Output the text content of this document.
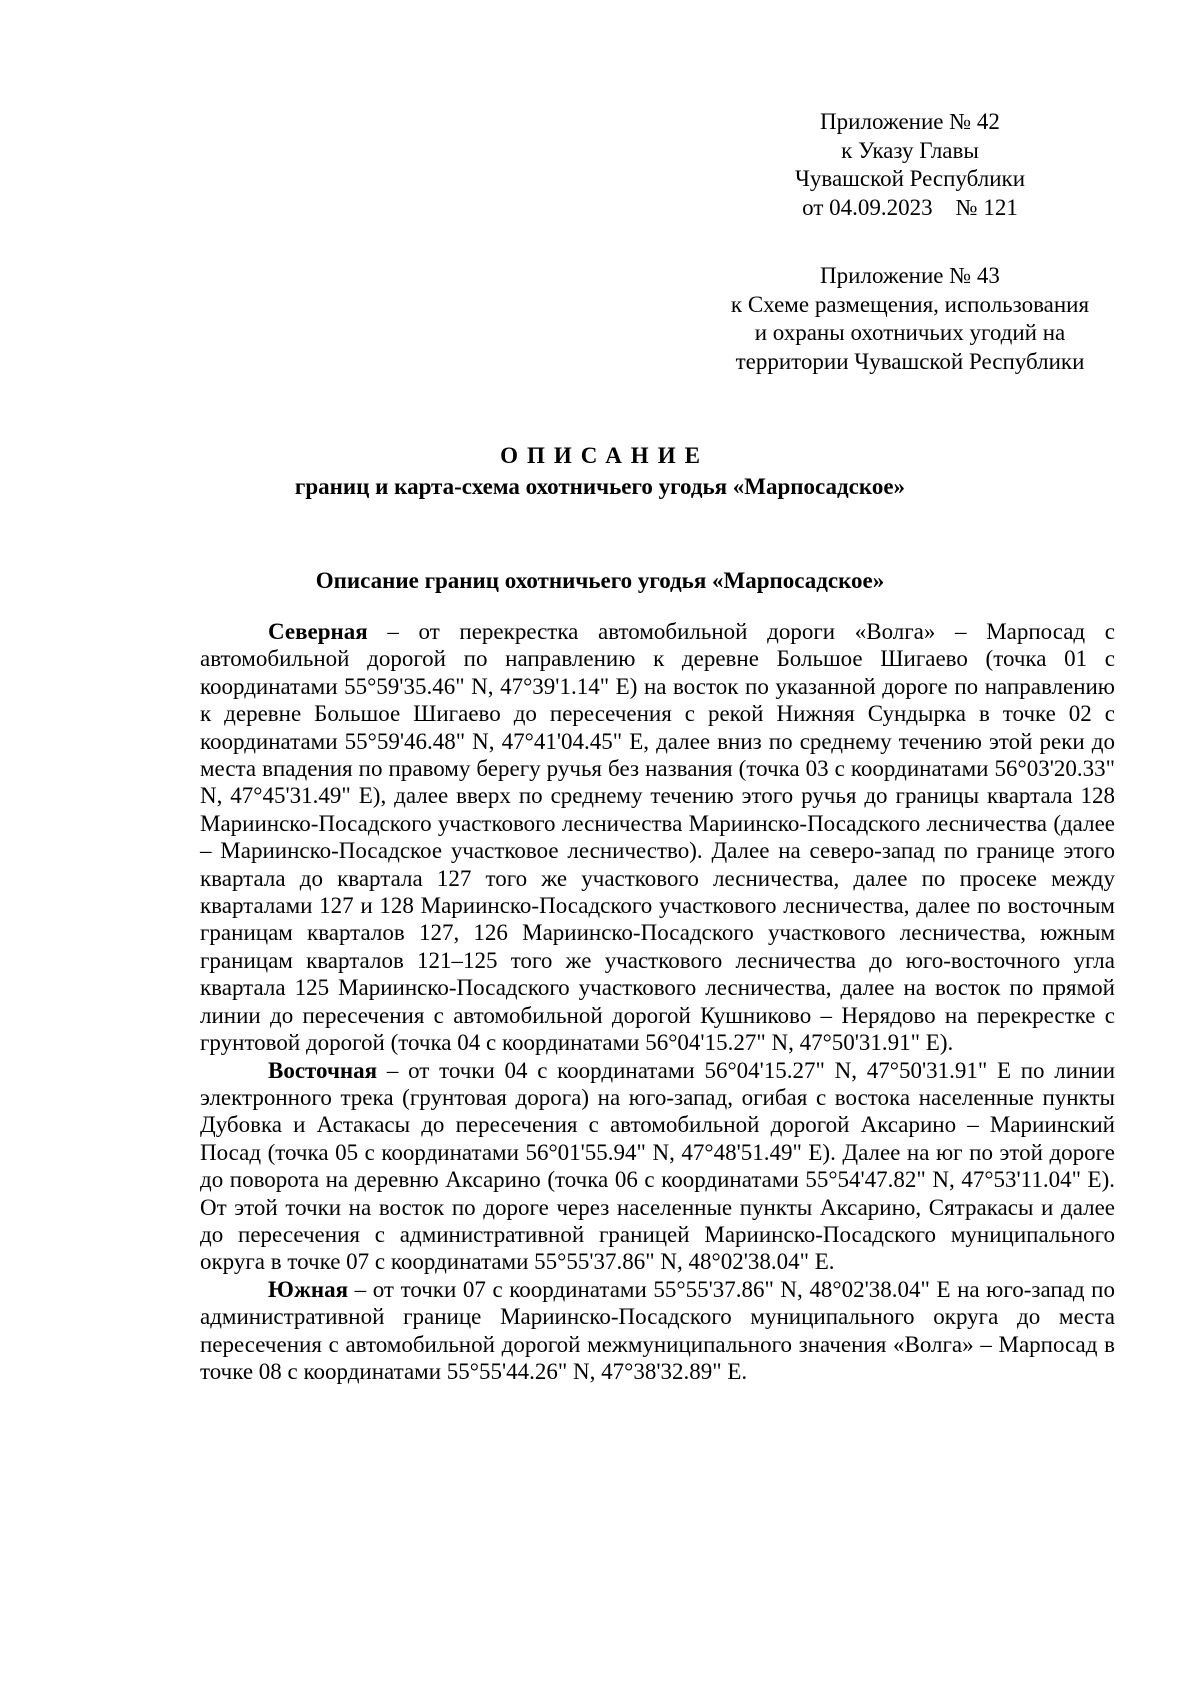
Приложение № 42
к Указу Главы
Чувашской Республики
от 04.09.2023    № 121
Приложение № 43
к Схеме размещения, использования
и охраны охотничьих угодий на
территории Чувашской Республики
ОПИСАНИЕ
границ и карта-схема охотничьего угодья «Марпосадское»
Описание границ охотничьего угодья «Марпосадское»

Северная – от перекрестка автомобильной дороги «Волга» – Марпосад с автомобильной дорогой по направлению к деревне Большое Шигаево (точка 01 с координатами 55°59'35.46" N, 47°39'1.14" E) на восток по указанной дороге по направлению к деревне Большое Шигаево до пересечения с рекой Нижняя Сундырка в точке 02 с координатами 55°59'46.48" N, 47°41'04.45" E, далее вниз по среднему течению этой реки до места впадения по правому берегу ручья без названия (точка 03 с координатами 56°03'20.33" N, 47°45'31.49" E), далее вверх по среднему течению этого ручья до границы квартала 128 Мариинско-Посадского участкового лесничества Мариинско-Посадского лесничества (далее – Мариинско-Посадское участковое лесничество). Далее на северо-запад по границе этого квартала до квартала 127 того же участкового лесничества, далее по просеке между кварталами 127 и 128 Мариинско-Посадского участкового лесничества, далее по восточным границам кварталов 127, 126 Мариинско-Посадского участкового лесничества, южным границам кварталов 121–125 того же участкового лесничества до юго-восточного угла квартала 125 Мариинско-Посадского участкового лесничества, далее на восток по прямой линии до пересечения с автомобильной дорогой Кушниково – Нерядово на перекрестке с грунтовой дорогой (точка 04 с координатами 56°04'15.27" N, 47°50'31.91" E).

Восточная – от точки 04 с координатами 56°04'15.27" N, 47°50'31.91" E по линии электронного трека (грунтовая дорога) на юго-запад, огибая с востока населенные пункты Дубовка и Астакасы до пересечения с автомобильной дорогой Аксарино – Мариинский Посад (точка 05 с координатами 56°01'55.94" N, 47°48'51.49" E). Далее на юг по этой дороге до поворота на деревню Аксарино (точка 06 с координатами 55°54'47.82" N, 47°53'11.04" E). От этой точки на восток по дороге через населенные пункты Аксарино, Сятракасы и далее до пересечения с административной границей Мариинско-Посадского муниципального округа в точке 07 с координатами 55°55'37.86" N, 48°02'38.04" E.

Южная – от точки 07 с координатами 55°55'37.86" N, 48°02'38.04" E на юго-запад по административной границе Мариинско-Посадского муниципального округа до места пересечения с автомобильной дорогой межмуниципального значения «Волга» – Марпосад в точке 08 с координатами 55°55'44.26" N, 47°38'32.89" E.
